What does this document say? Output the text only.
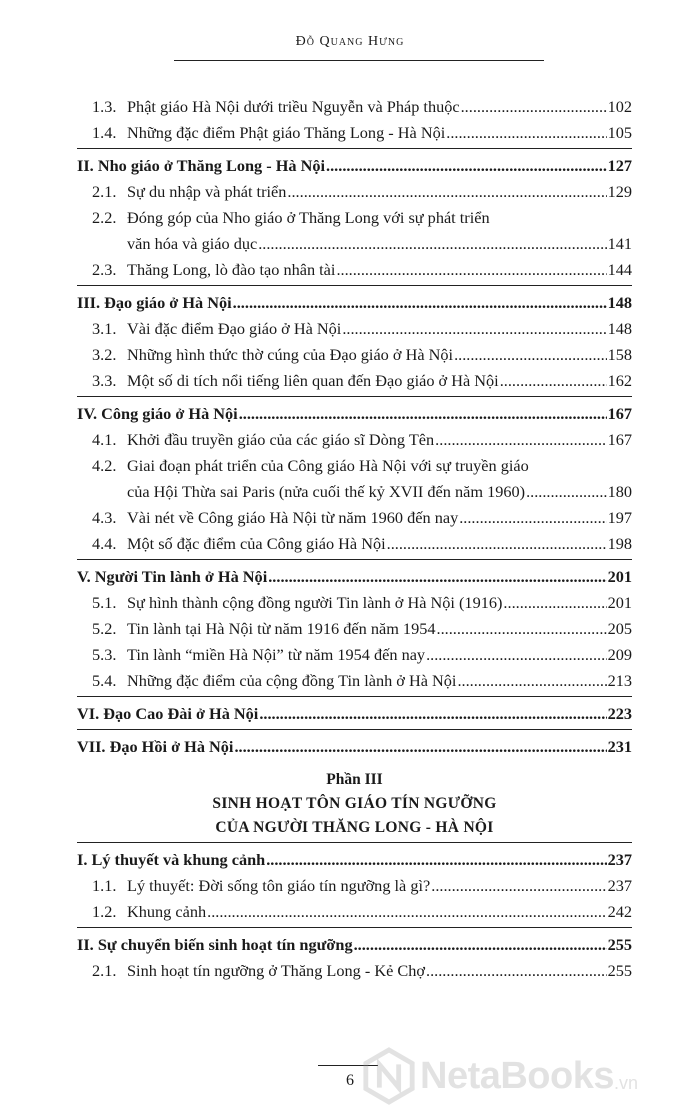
Đỗ Quang Hưng
1.3. Phật giáo Hà Nội dưới triều Nguyễn và Pháp thuộc .....	102
1.4. Những đặc điểm Phật giáo Thăng Long - Hà Nội .....	105
II. Nho giáo ở Thăng Long - Hà Nội .....	127
2.1. Sự du nhập và phát triển .....	129
2.2. Đóng góp của Nho giáo ở Thăng Long với sự phát triển
văn hóa và giáo dục .....	141
2.3. Thăng Long, lò đào tạo nhân tài .....	144
III. Đạo giáo ở Hà Nội .....	148
3.1. Vài đặc điểm Đạo giáo ở Hà Nội .....	148
3.2. Những hình thức thờ cúng của Đạo giáo ở Hà Nội .....	158
3.3. Một số di tích nổi tiếng liên quan đến Đạo giáo ở Hà Nội .....	162
IV. Công giáo ở Hà Nội .....	167
4.1. Khởi đầu truyền giáo của các giáo sĩ Dòng Tên .....	167
4.2. Giai đoạn phát triển của Công giáo Hà Nội với sự truyền giáo
của Hội Thừa sai Paris (nửa cuối thế kỷ XVII đến năm 1960) .....	180
4.3. Vài nét về Công giáo Hà Nội từ năm 1960 đến nay .....	197
4.4. Một số đặc điểm của Công giáo Hà Nội .....	198
V. Người Tin lành ở Hà Nội .....	201
5.1. Sự hình thành cộng đồng người Tin lành ở Hà Nội (1916) .....	201
5.2. Tin lành tại Hà Nội từ năm 1916 đến năm 1954 .....	205
5.3. Tin lành “miền Hà Nội” từ năm 1954 đến nay .....	209
5.4. Những đặc điểm của cộng đồng Tin lành ở Hà Nội .....	213
VI. Đạo Cao Đài ở Hà Nội .....	223
VII. Đạo Hồi ở Hà Nội .....	231
Phần III
SINH HOẠT TÔN GIÁO TÍN NGƯỠNG
CỦA NGƯỜI THĂNG LONG - HÀ NỘI
I. Lý thuyết và khung cảnh .....	237
1.1. Lý thuyết: Đời sống tôn giáo tín ngưỡng là gì? .....	237
1.2. Khung cảnh .....	242
II. Sự chuyển biến sinh hoạt tín ngưỡng .....	255
2.1. Sinh hoạt tín ngưỡng ở Thăng Long - Kẻ Chợ .....	255
6	NetaBooks .vn
